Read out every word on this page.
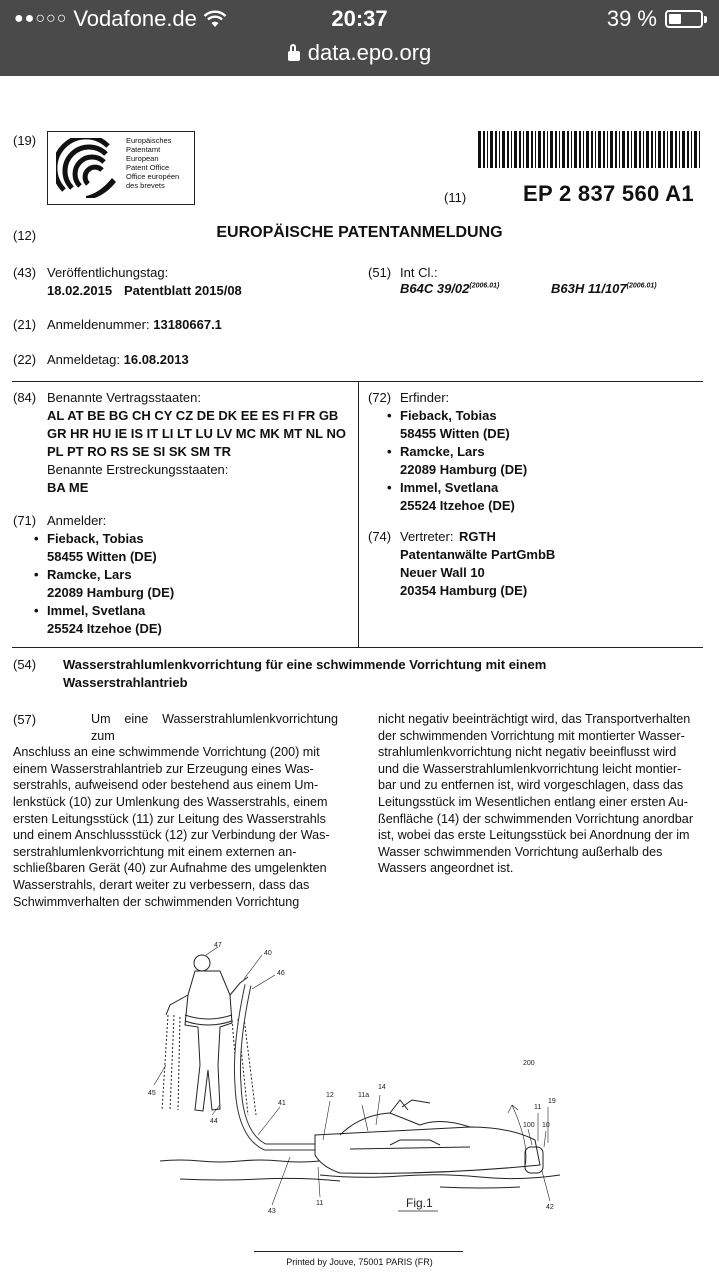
●●○○○ Vodafone.de	20:37	39 %
data.epo.org
(19)	Europäisches
Patentamt
European
Patent Office
Office européen
des brevets
(11)	EP 2 837 560 A1
(12)	EUROPÄISCHE PATENTANMELDUNG
(43) Veröffentlichungstag:
18.02.2015 Patentblatt 2015/08
(51) Int Cl.:
B64C $39/02^{(2006.01)}$	B63H $11/107^{(2006.01)}$
(21) Anmeldenummer: 13180667.1
(22) Anmeldetag: 16.08.2013
(84) Benannte Vertragsstaaten:
AL AT BE BG CH CY CZ DE DK EE ES FI FR GB
GR HR HU IE IS IT LI LT LU LV MC MK MT NL NO
PL PT RO RS SE SI SK SM TR
Benannte Erstreckungsstaaten:
BA ME
(71) Anmelder:
• Fieback, Tobias
58455 Witten (DE)
• Ramcke, Lars
22089 Hamburg (DE)
• Immel, Svetlana
25524 Itzehoe (DE)
(72) Erfinder:
• Fieback, Tobias
58455 Witten (DE)
• Ramcke, Lars
22089 Hamburg (DE)
• Immel, Svetlana
25524 Itzehoe (DE)
(74) Vertreter: RGTH
Patentanwälte PartGmbB
Neuer Wall 10
20354 Hamburg (DE)
(54) Wasserstrahlumlenkvorrichtung für eine schwimmende Vorrichtung mit einem
Wasserstrahlantrieb
(57)	Um eine Wasserstrahlumlenkvorrichtung zum
Anschluss an eine schwimmende Vorrichtung (200) mit
einem Wasserstrahlantrieb zur Erzeugung eines Was-
serstrahls, aufweisend oder bestehend aus einem Um-
lenkstück (10) zur Umlenkung des Wasserstrahls, einem
ersten Leitungsstück (11) zur Leitung des Wasserstrahls
und einem Anschlussstück (12) zur Verbindung der Was-
serstrahlumlenkvorrichtung mit einem externen an-
schließbaren Gerät (40) zur Aufnahme des umgelenkten
Wasserstrahls, derart weiter zu verbessern, dass das
Schwimmverhalten der schwimmenden Vorrichtung
nicht negativ beeinträchtigt wird, das Transportverhalten
der schwimmenden Vorrichtung mit montierter Wasser-
strahlumlenkvorrichtung nicht negativ beeinflusst wird
und die Wasserstrahlumlenkvorrichtung leicht montier-
bar und zu entfernen ist, wird vorgeschlagen, dass das
Leitungsstück im Wesentlichen entlang einer ersten Au-
ßenfläche (14) der schwimmenden Vorrichtung anordbar
ist, wobei das erste Leitungsstück bei Anordnung der im
Wasser schwimmenden Vorrichtung außerhalb des
Wassers angeordnet ist.
47
40
46
45
44
41
12	11a
14
200
11
19
100 10
43
11
42
Fig.1
Printed by Jouve, 75001 PARIS (FR)
